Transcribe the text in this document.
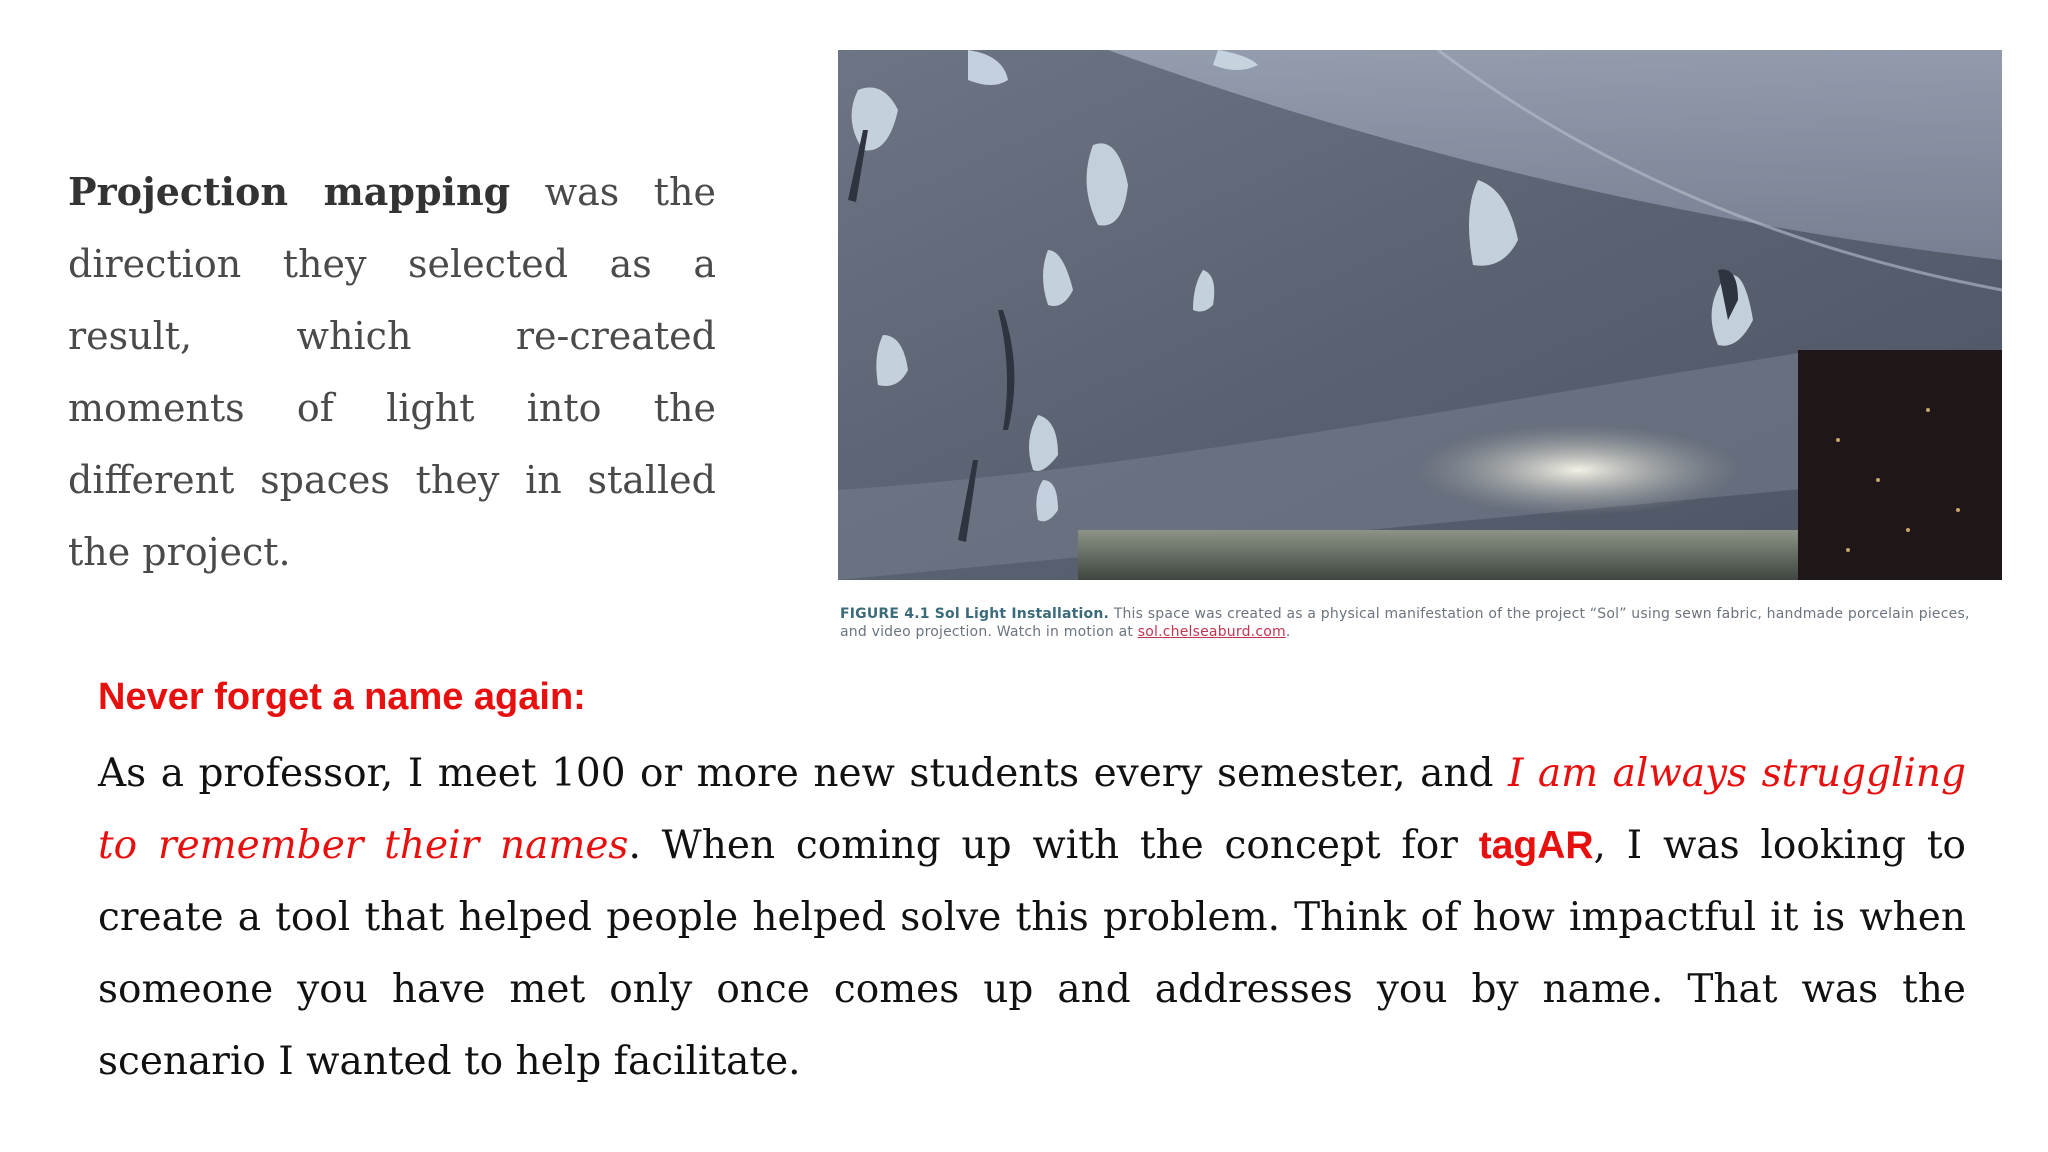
Projection mapping was the direction they selected as a result, which re-created moments of light into the different spaces they in stalled the project.

FIGURE 4.1 Sol Light Installation. This space was created as a physical manifestation of the project “Sol” using sewn fabric, handmade porcelain pieces, and video projection. Watch in motion at sol.chelseaburd.com.
Never forget a name again:

As a professor, I meet 100 or more new students every semester, and I am always struggling to remember their names. When coming up with the concept for tagAR, I was looking to create a tool that helped people helped solve this problem. Think of how impactful it is when someone you have met only once comes up and addresses you by name. That was the scenario I wanted to help facilitate.
